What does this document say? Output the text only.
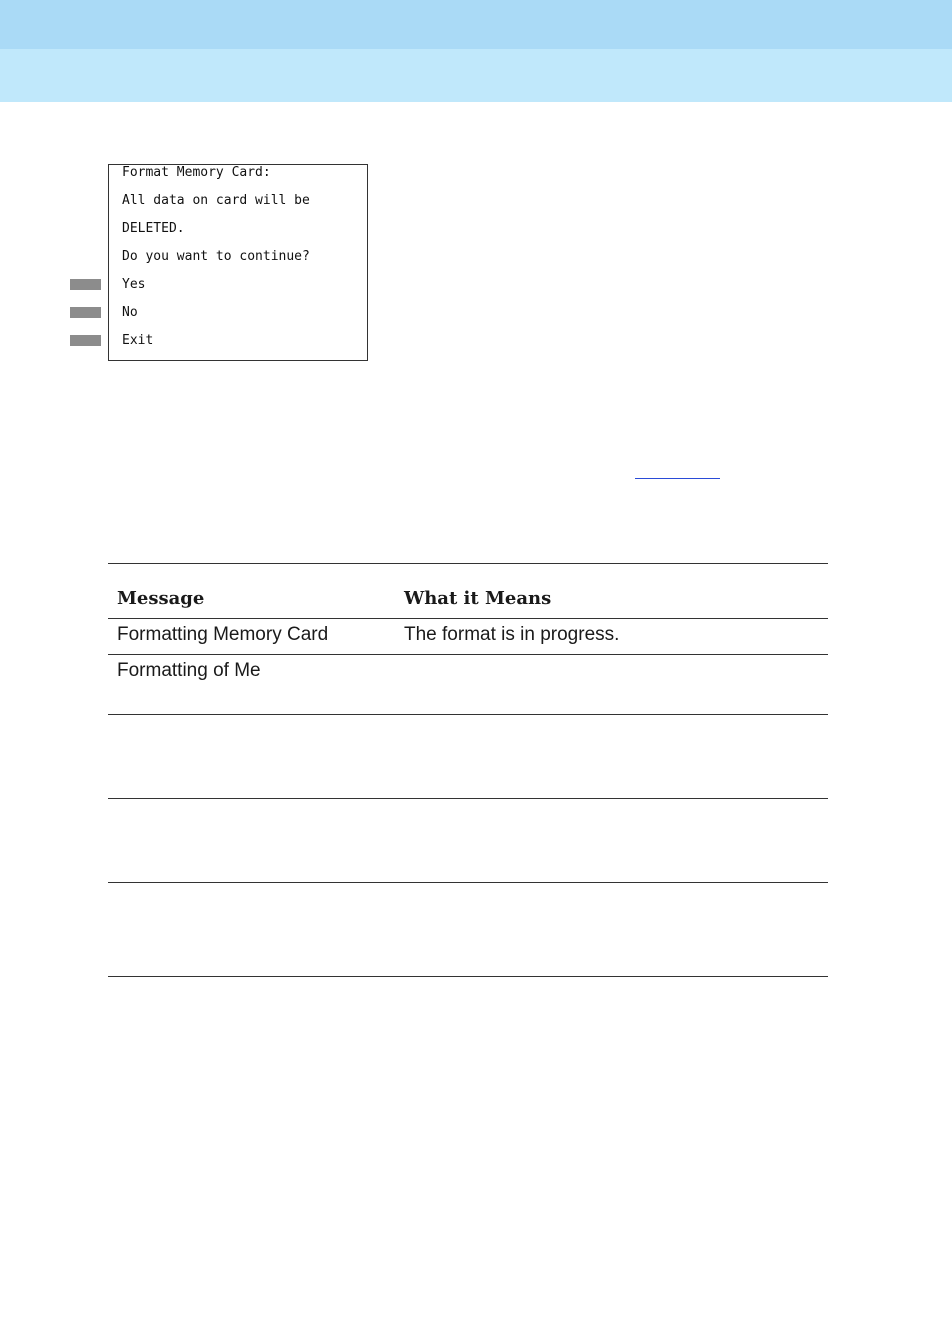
Format Memory Card:
All data on card will be
DELETED.
Do you want to continue?
Yes
No
Exit
Message	What it Means
Formatting Memory Card	The format is in progress.
Formatting of Me
